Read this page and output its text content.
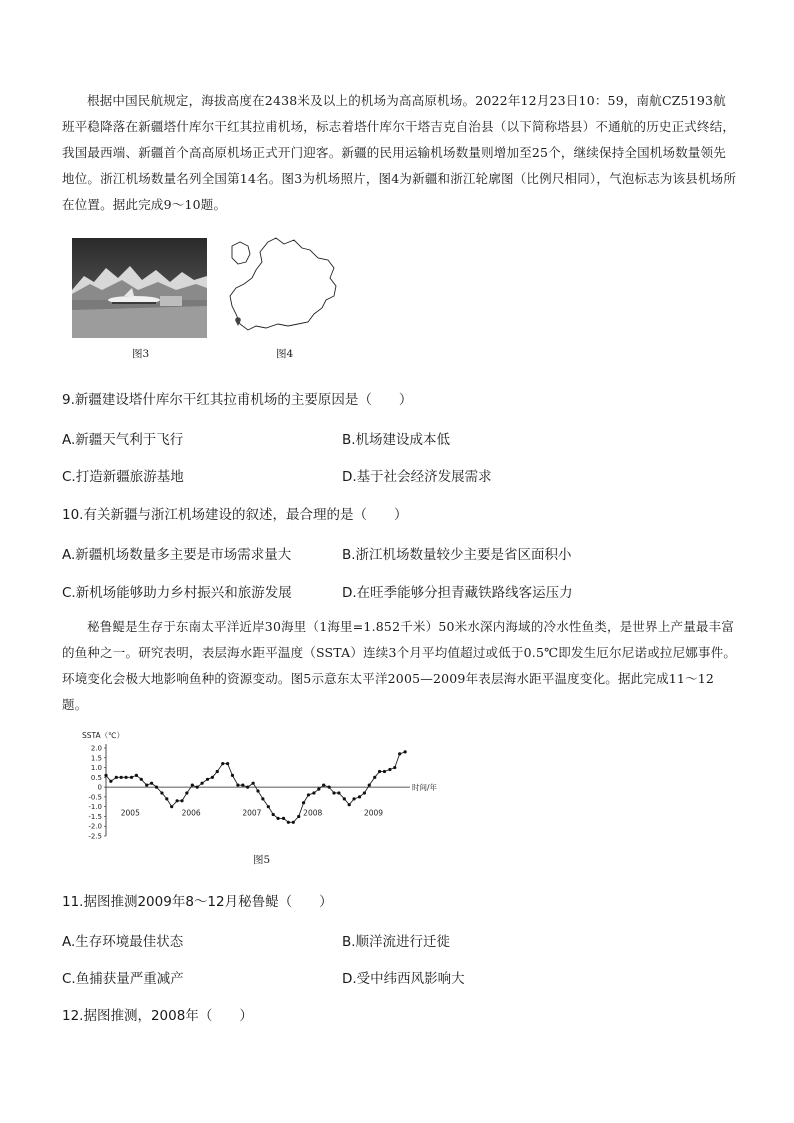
根据中国民航规定，海拔高度在2438米及以上的机场为高高原机场。2022年12月23日10：59，南航CZ5193航班平稳降落在新疆塔什库尔干红其拉甫机场，标志着塔什库尔干塔吉克自治县（以下简称塔县）不通航的历史正式终结，我国最西端、新疆首个高高原机场正式开门迎客。新疆的民用运输机场数量则增加至25个，继续保持全国机场数量领先地位。浙江机场数量名列全国第14名。图3为机场照片，图4为新疆和浙江轮廓图（比例尺相同），气泡标志为该县机场所在位置。据此完成9～10题。

图3	图4

9.新疆建设塔什库尔干红其拉甫机场的主要原因是（　　）

A.新疆天气利于飞行	B.机场建设成本低

C.打造新疆旅游基地	D.基于社会经济发展需求

10.有关新疆与浙江机场建设的叙述，最合理的是（　　）

A.新疆机场数量多主要是市场需求量大	B.浙江机场数量较少主要是省区面积小

C.新机场能够助力乡村振兴和旅游发展	D.在旺季能够分担青藏铁路线客运压力

秘鲁鳀是生存于东南太平洋近岸30海里（1海里=1.852千米）50米水深内海域的冷水性鱼类，是世界上产量最丰富的鱼种之一。研究表明，表层海水距平温度（SSTA）连续3个月平均值超过或低于0.5℃即发生厄尔尼诺或拉尼娜事件。环境变化会极大地影响鱼种的资源变动。图5示意东太平洋2005—2009年表层海水距平温度变化。据此完成11～12题。

SSTA（℃）
2.0
1.5
1.0
0.5
0
-0.5
-1.0
-1.5
-2.0
-2.5
时间/年
2005	2006	2007	2008	2009
图5

11.据图推测2009年8～12月秘鲁鳀（　　）

A.生存环境最佳状态	B.顺洋流进行迁徙

C.鱼捕获量严重减产	D.受中纬西风影响大

12.据图推测，2008年（　　）
